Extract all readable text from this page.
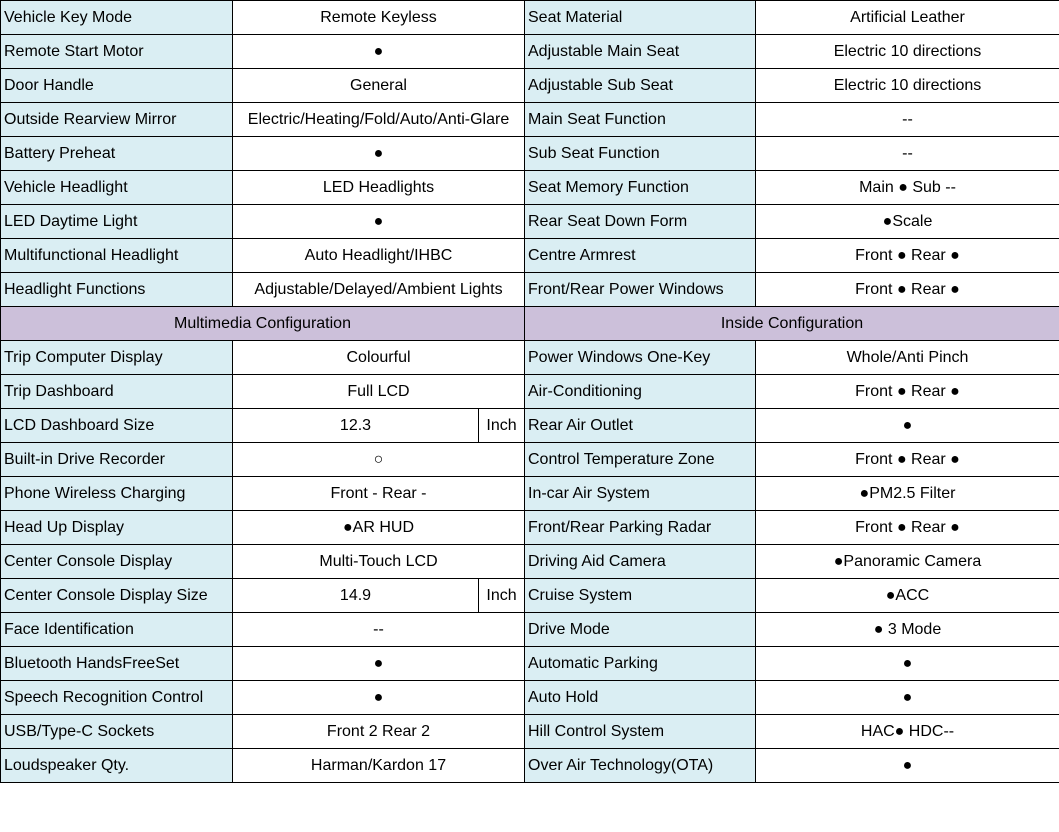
Vehicle Key Mode	Remote Keyless		Seat Material	Artificial Leather
Remote Start Motor	●		Adjustable Main Seat	Electric 10 directions
Door Handle	General		Adjustable Sub Seat	Electric 10 directions
Outside Rearview Mirror	Electric/Heating/Fold/Auto/Anti-Glare		Main Seat Function	--
Battery Preheat	●		Sub Seat Function	--
Vehicle Headlight	LED Headlights		Seat Memory Function	Main ● Sub --
LED Daytime Light	●		Rear Seat Down Form	●Scale
Multifunctional Headlight	Auto Headlight/IHBC		Centre Armrest	Front ● Rear ●
Headlight Functions	Adjustable/Delayed/Ambient Lights		Front/Rear Power Windows	Front ● Rear ●
Multimedia Configuration			Inside Configuration	
Trip Computer Display	Colourful		Power Windows One-Key	Whole/Anti Pinch
Trip Dashboard	Full LCD		Air-Conditioning	Front ● Rear ●
LCD Dashboard Size	12.3	Inch	Rear Air Outlet	●
Built-in Drive Recorder	○		Control Temperature Zone	Front ● Rear ●
Phone Wireless Charging	Front - Rear -		In-car Air System	●PM2.5 Filter
Head Up Display	●AR HUD		Front/Rear Parking Radar	Front ● Rear ●
Center Console Display	Multi-Touch LCD		Driving Aid Camera	●Panoramic Camera
Center Console Display Size	14.9	Inch	Cruise System	●ACC
Face Identification	--		Drive Mode	● 3 Mode
Bluetooth HandsFreeSet	●		Automatic Parking	●
Speech Recognition Control	●		Auto Hold	●
USB/Type-C Sockets	Front 2 Rear 2		Hill Control System	HAC● HDC--
Loudspeaker Qty.	Harman/Kardon 17		Over Air Technology(OTA)	●
